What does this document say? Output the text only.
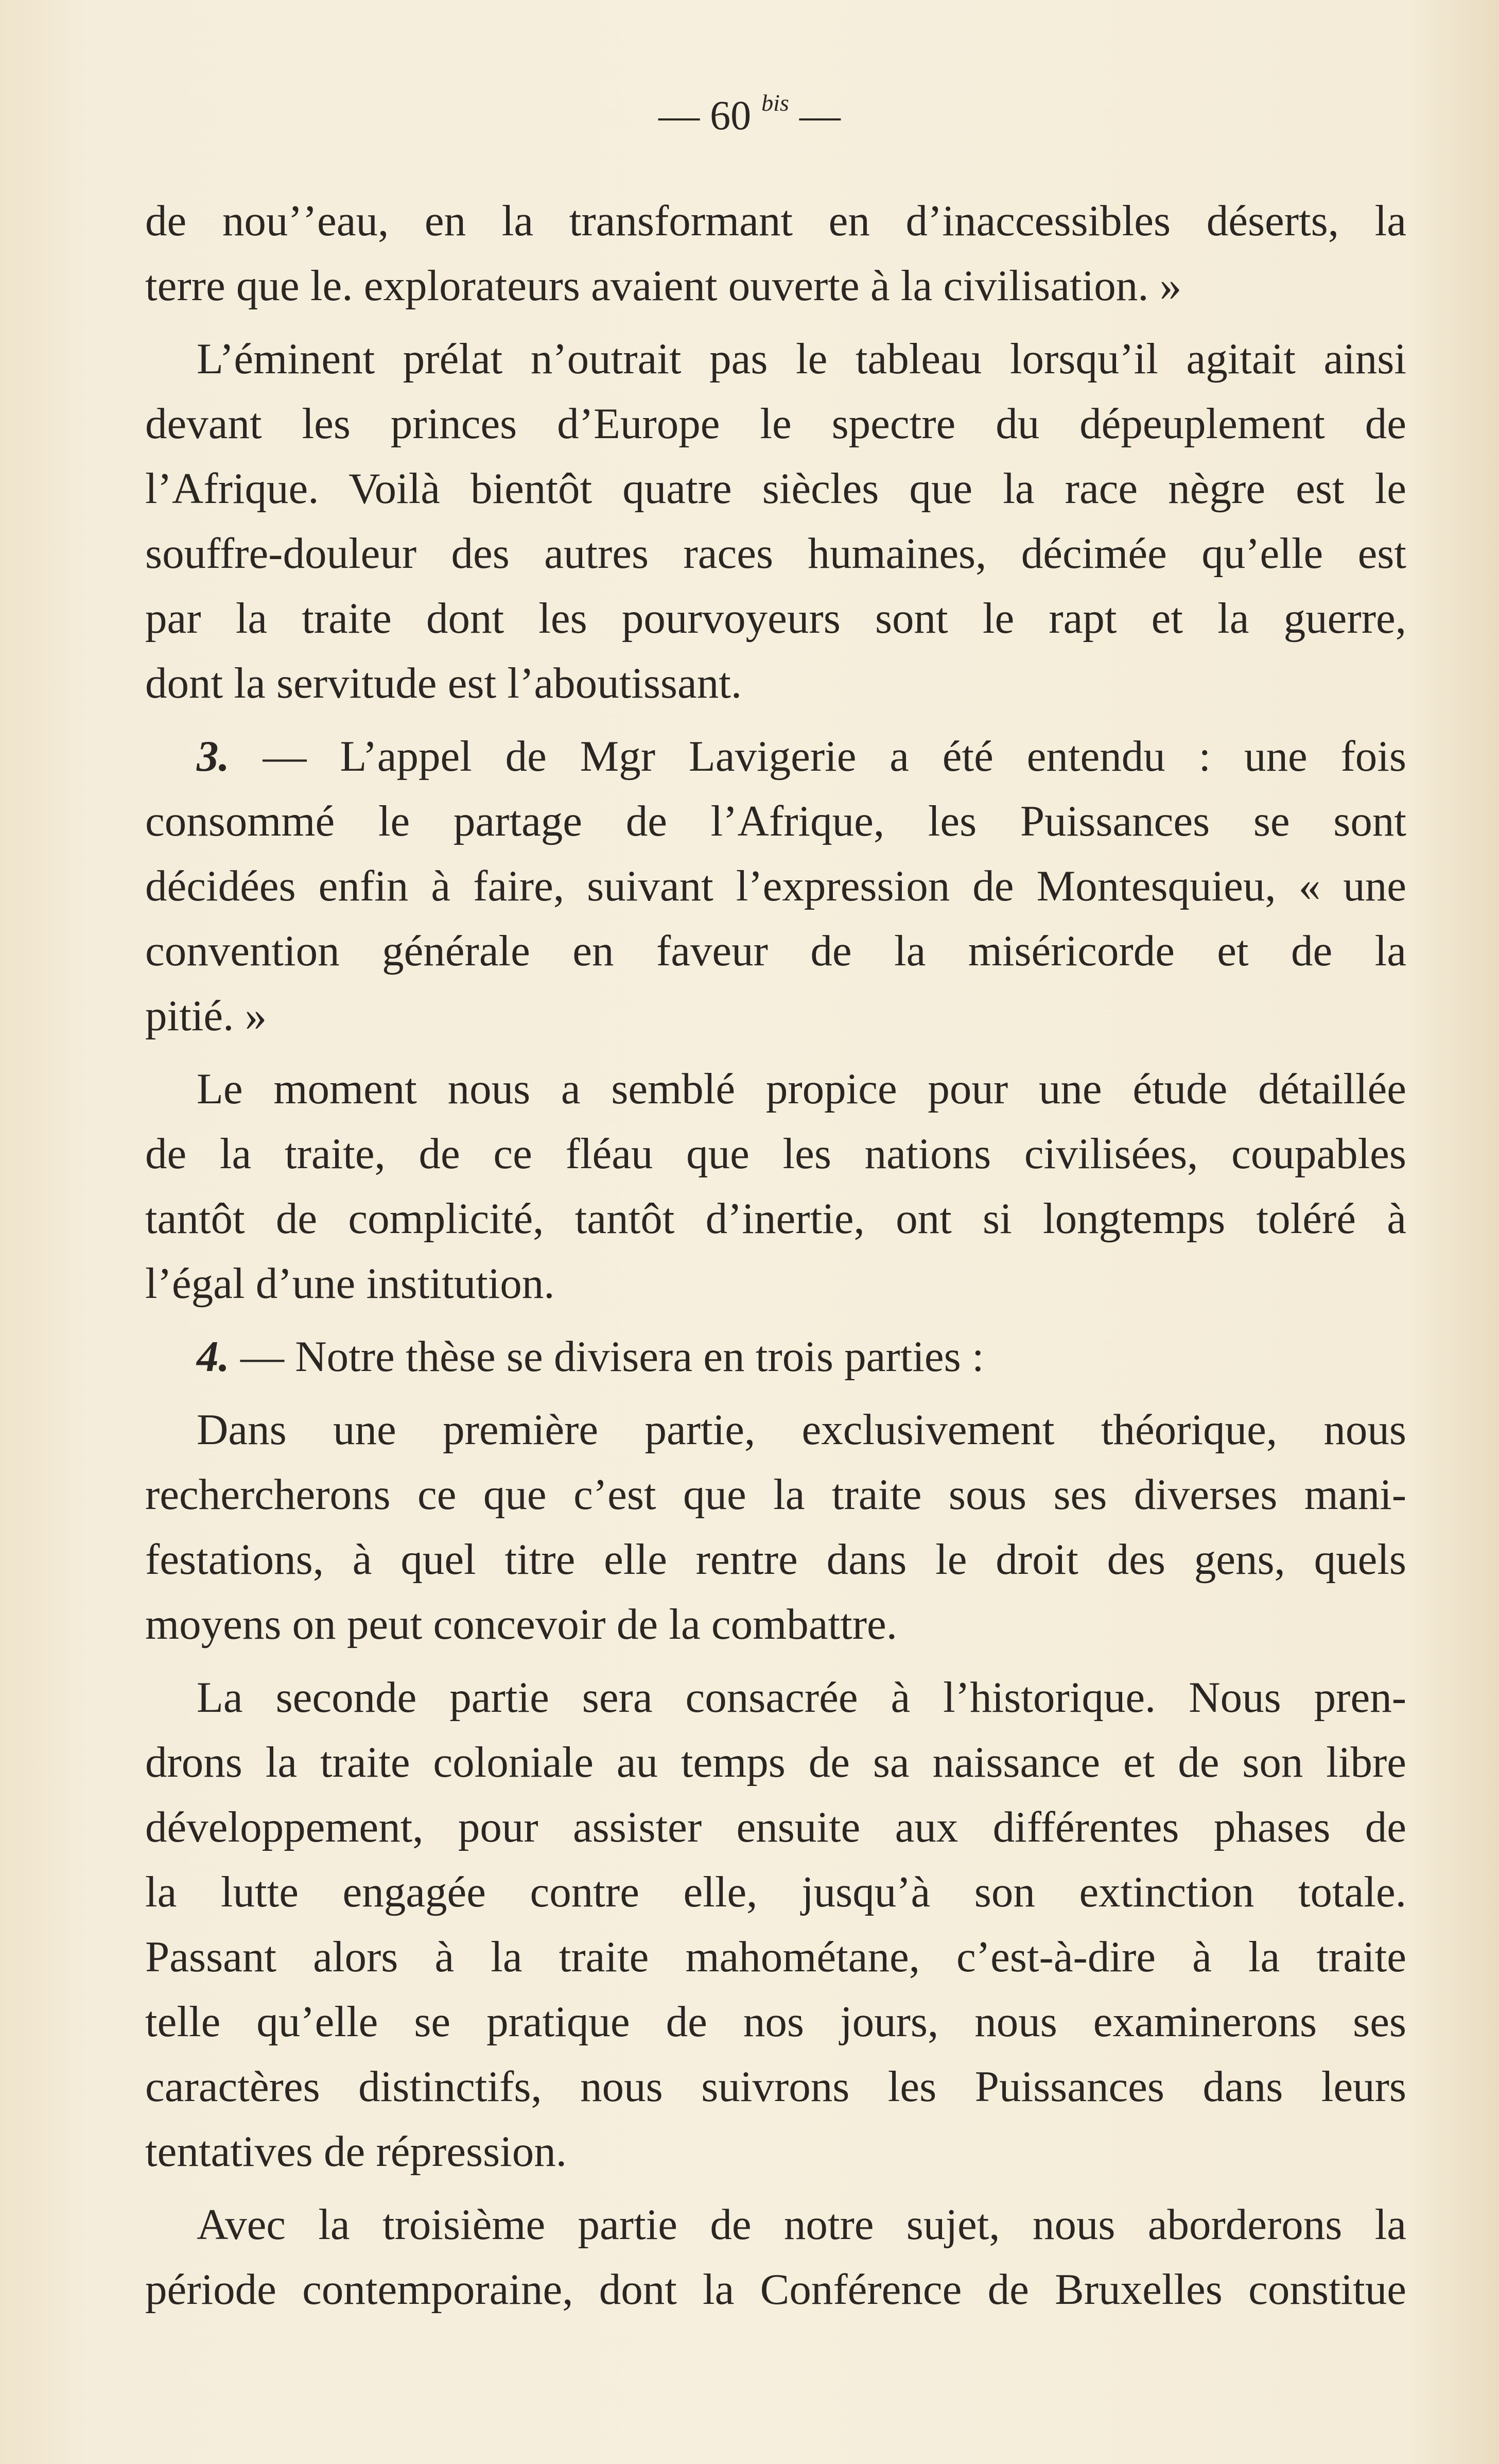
— 60 $^{bis}$ —
de nouʼʼeau, en la transformant en d’inaccessibles déserts, la
terre que le. explorateurs avaient ouverte à la civilisation. »
L’éminent prélat n’outrait pas le tableau lorsqu’il agitait ainsi
devant les princes d’Europe le spectre du dépeuplement de
l’Afrique. Voilà bientôt quatre siècles que la race nègre est le
souffre-douleur des autres races humaines, décimée qu’elle est
par la traite dont les pourvoyeurs sont le rapt et la guerre,
dont la servitude est l’aboutissant.
3. — L’appel de Mgr Lavigerie a été entendu : une fois
consommé le partage de l’Afrique, les Puissances se sont
décidées enfin à faire, suivant l’expression de Montesquieu, « une
convention générale en faveur de la miséricorde et de la
pitié. »
Le moment nous a semblé propice pour une étude détaillée
de la traite, de ce fléau que les nations civilisées, coupables
tantôt de complicité, tantôt d’inertie, ont si longtemps toléré à
l’égal d’une institution.
4. — Notre thèse se divisera en trois parties :
Dans une première partie, exclusivement théorique, nous
rechercherons ce que c’est que la traite sous ses diverses mani-
festations, à quel titre elle rentre dans le droit des gens, quels
moyens on peut concevoir de la combattre.
La seconde partie sera consacrée à l’historique. Nous pren-
drons la traite coloniale au temps de sa naissance et de son libre
développement, pour assister ensuite aux différentes phases de
la lutte engagée contre elle, jusqu’à son extinction totale.
Passant alors à la traite mahométane, c’est-à-dire à la traite
telle qu’elle se pratique de nos jours, nous examinerons ses
caractères distinctifs, nous suivrons les Puissances dans leurs
tentatives de répression.
Avec la troisième partie de notre sujet, nous aborderons la
période contemporaine, dont la Conférence de Bruxelles constitue
